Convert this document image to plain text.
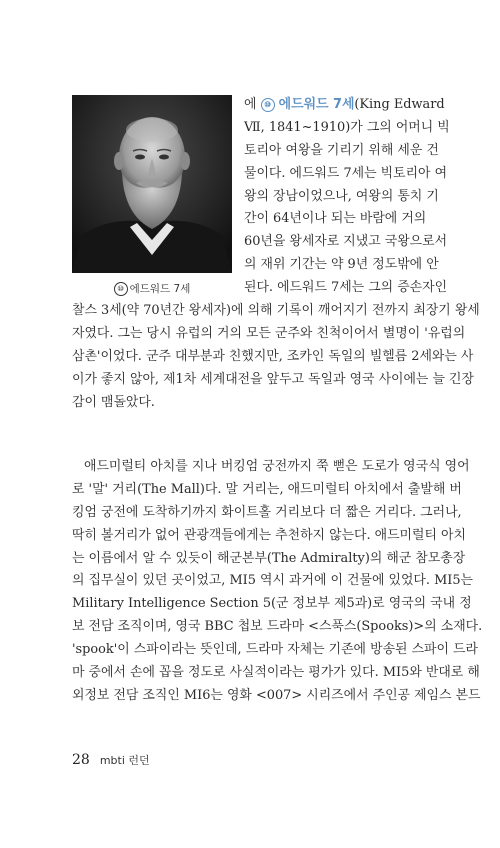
⑩ 에드워드 7세
에 ⑩ 에드워드 7세(King Edward
Ⅶ, 1841~1910)가 그의 어머니 빅
토리아 여왕을 기리기 위해 세운 건
물이다. 에드워드 7세는 빅토리아 여
왕의 장남이었으나, 여왕의 통치 기
간이 64년이나 되는 바람에 거의
60년을 왕세자로 지냈고 국왕으로서
의 재위 기간는 약 9년 정도밖에 안
된다. 에드워드 7세는 그의 증손자인
찰스 3세(약 70년간 왕세자)에 의해 기록이 깨어지기 전까지 최장기 왕세
자였다. 그는 당시 유럽의 거의 모든 군주와 친척이어서 별명이 '유럽의
삼촌'이었다. 군주 대부분과 친했지만, 조카인 독일의 빌헬름 2세와는 사
이가 좋지 않아, 제1차 세계대전을 앞두고 독일과 영국 사이에는 늘 긴장
감이 맴돌았다.
애드미럴티 아치를 지나 버킹엄 궁전까지 쭉 뻗은 도로가 영국식 영어
로 '말' 거리(The Mall)다. 말 거리는, 애드미럴티 아치에서 출발해 버
킹엄 궁전에 도착하기까지 화이트홀 거리보다 더 짧은 거리다. 그러나,
딱히 볼거리가 없어 관광객들에게는 추천하지 않는다. 애드미럴티 아치
는 이름에서 알 수 있듯이 해군본부(The Admiralty)의 해군 참모총장
의 집무실이 있던 곳이었고, MI5 역시 과거에 이 건물에 있었다. MI5는
Military Intelligence Section 5(군 정보부 제5과)로 영국의 국내 정
보 전담 조직이며, 영국 BBC 첩보 드라마 <스푹스(Spooks)>의 소재다.
'spook'이 스파이라는 뜻인데, 드라마 자체는 기존에 방송된 스파이 드라
마 중에서 손에 꼽을 정도로 사실적이라는 평가가 있다. MI5와 반대로 해
외정보 전담 조직인 MI6는 영화 <007> 시리즈에서 주인공 제임스 본드
28 mbti 런던
